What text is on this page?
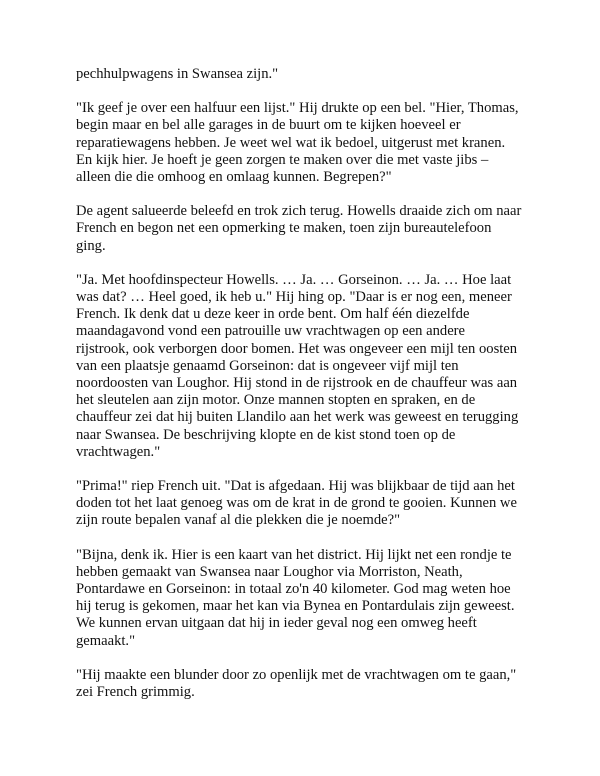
pechhulpwagens in Swansea zijn."

"Ik geef je over een halfuur een lijst." Hij drukte op een bel. "Hier, Thomas,
begin maar en bel alle garages in de buurt om te kijken hoeveel er
reparatiewagens hebben. Je weet wel wat ik bedoel, uitgerust met kranen.
En kijk hier. Je hoeft je geen zorgen te maken over die met vaste jibs –
alleen die die omhoog en omlaag kunnen. Begrepen?"

De agent salueerde beleefd en trok zich terug. Howells draaide zich om naar
French en begon net een opmerking te maken, toen zijn bureautelefoon
ging.

"Ja. Met hoofdinspecteur Howells. … Ja. … Gorseinon. … Ja. … Hoe laat
was dat? … Heel goed, ik heb u." Hij hing op. "Daar is er nog een, meneer
French. Ik denk dat u deze keer in orde bent. Om half één diezelfde
maandagavond vond een patrouille uw vrachtwagen op een andere
rijstrook, ook verborgen door bomen. Het was ongeveer een mijl ten oosten
van een plaatsje genaamd Gorseinon: dat is ongeveer vijf mijl ten
noordoosten van Loughor. Hij stond in de rijstrook en de chauffeur was aan
het sleutelen aan zijn motor. Onze mannen stopten en spraken, en de
chauffeur zei dat hij buiten Llandilo aan het werk was geweest en terugging
naar Swansea. De beschrijving klopte en de kist stond toen op de
vrachtwagen."

"Prima!" riep French uit. "Dat is afgedaan. Hij was blijkbaar de tijd aan het
doden tot het laat genoeg was om de krat in de grond te gooien. Kunnen we
zijn route bepalen vanaf al die plekken die je noemde?"

"Bijna, denk ik. Hier is een kaart van het district. Hij lijkt net een rondje te
hebben gemaakt van Swansea naar Loughor via Morriston, Neath,
Pontardawe en Gorseinon: in totaal zo'n 40 kilometer. God mag weten hoe
hij terug is gekomen, maar het kan via Bynea en Pontardulais zijn geweest.
We kunnen ervan uitgaan dat hij in ieder geval nog een omweg heeft
gemaakt."

"Hij maakte een blunder door zo openlijk met de vrachtwagen om te gaan,"
zei French grimmig.
